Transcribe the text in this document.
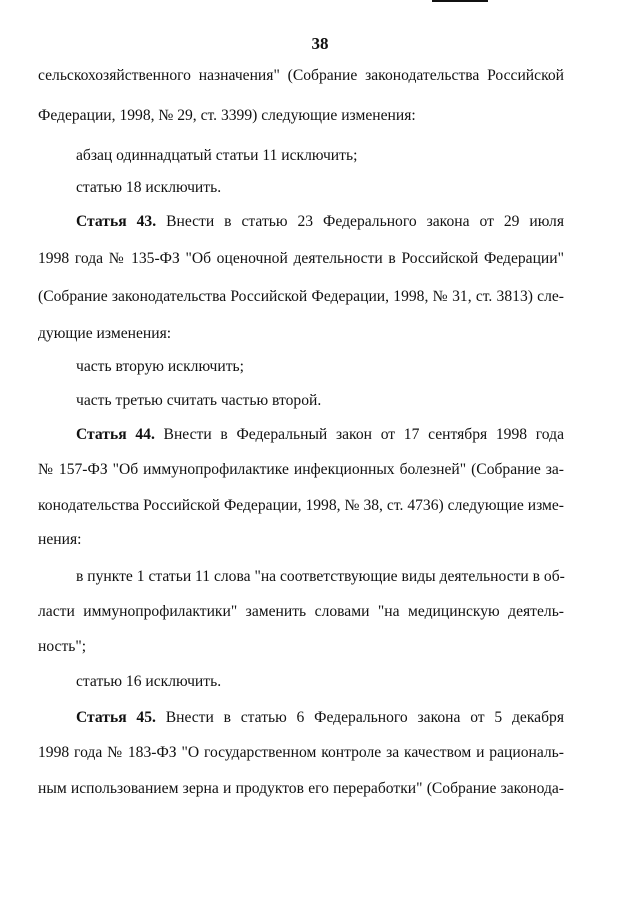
38
сельскохозяйственного назначения" (Собрание законодательства Российской
Федерации, 1998, № 29, ст. 3399) следующие изменения:
абзац одиннадцатый статьи 11 исключить;
статью 18 исключить.
Статья 43. Внести в статью 23 Федерального закона от 29 июля
1998 года № 135-ФЗ "Об оценочной деятельности в Российской Федерации"
(Собрание законодательства Российской Федерации, 1998, № 31, ст. 3813) сле-
дующие изменения:
часть вторую исключить;
часть третью считать частью второй.
Статья 44. Внести в Федеральный закон от 17 сентября 1998 года
№ 157-ФЗ "Об иммунопрофилактике инфекционных болезней" (Собрание за-
конодательства Российской Федерации, 1998, № 38, ст. 4736) следующие изме-
нения:
в пункте 1 статьи 11 слова "на соответствующие виды деятельности в об-
ласти иммунопрофилактики" заменить словами "на медицинскую деятель-
ность";
статью 16 исключить.
Статья 45. Внести в статью 6 Федерального закона от 5 декабря
1998 года № 183-ФЗ "О государственном контроле за качеством и рациональ-
ным использованием зерна и продуктов его переработки" (Собрание законода-
